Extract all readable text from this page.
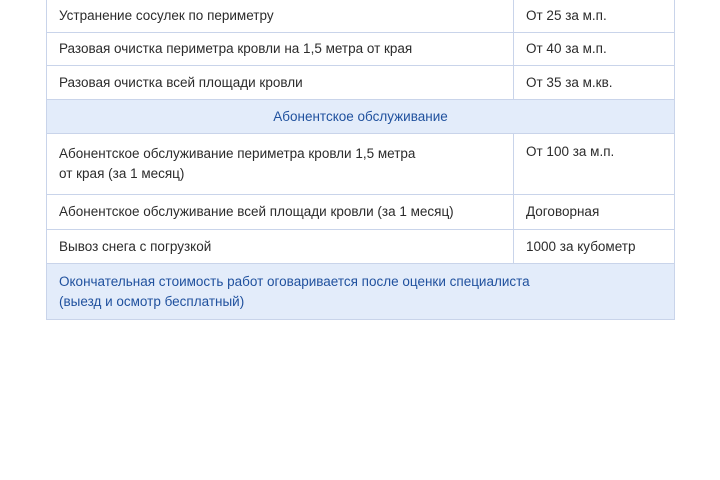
Устранение сосулек по периметру	От 25 за м.п.
Разовая очистка периметра кровли на 1,5 метра от края	От 40 за м.п.
Разовая очистка всей площади кровли	От 35 за м.кв.
Абонентское обслуживание	

Абонентское обслуживание периметра кровли 1,5 метра
от края (за 1 месяц)	От 100 за м.п.
Абонентское обслуживание всей площади кровли (за 1 месяц)	Договорная
Вывоз снега с погрузкой	1000 за кубометр

Окончательная стоимость работ оговаривается после оценки специалиста
(выезд и осмотр бесплатный)	
